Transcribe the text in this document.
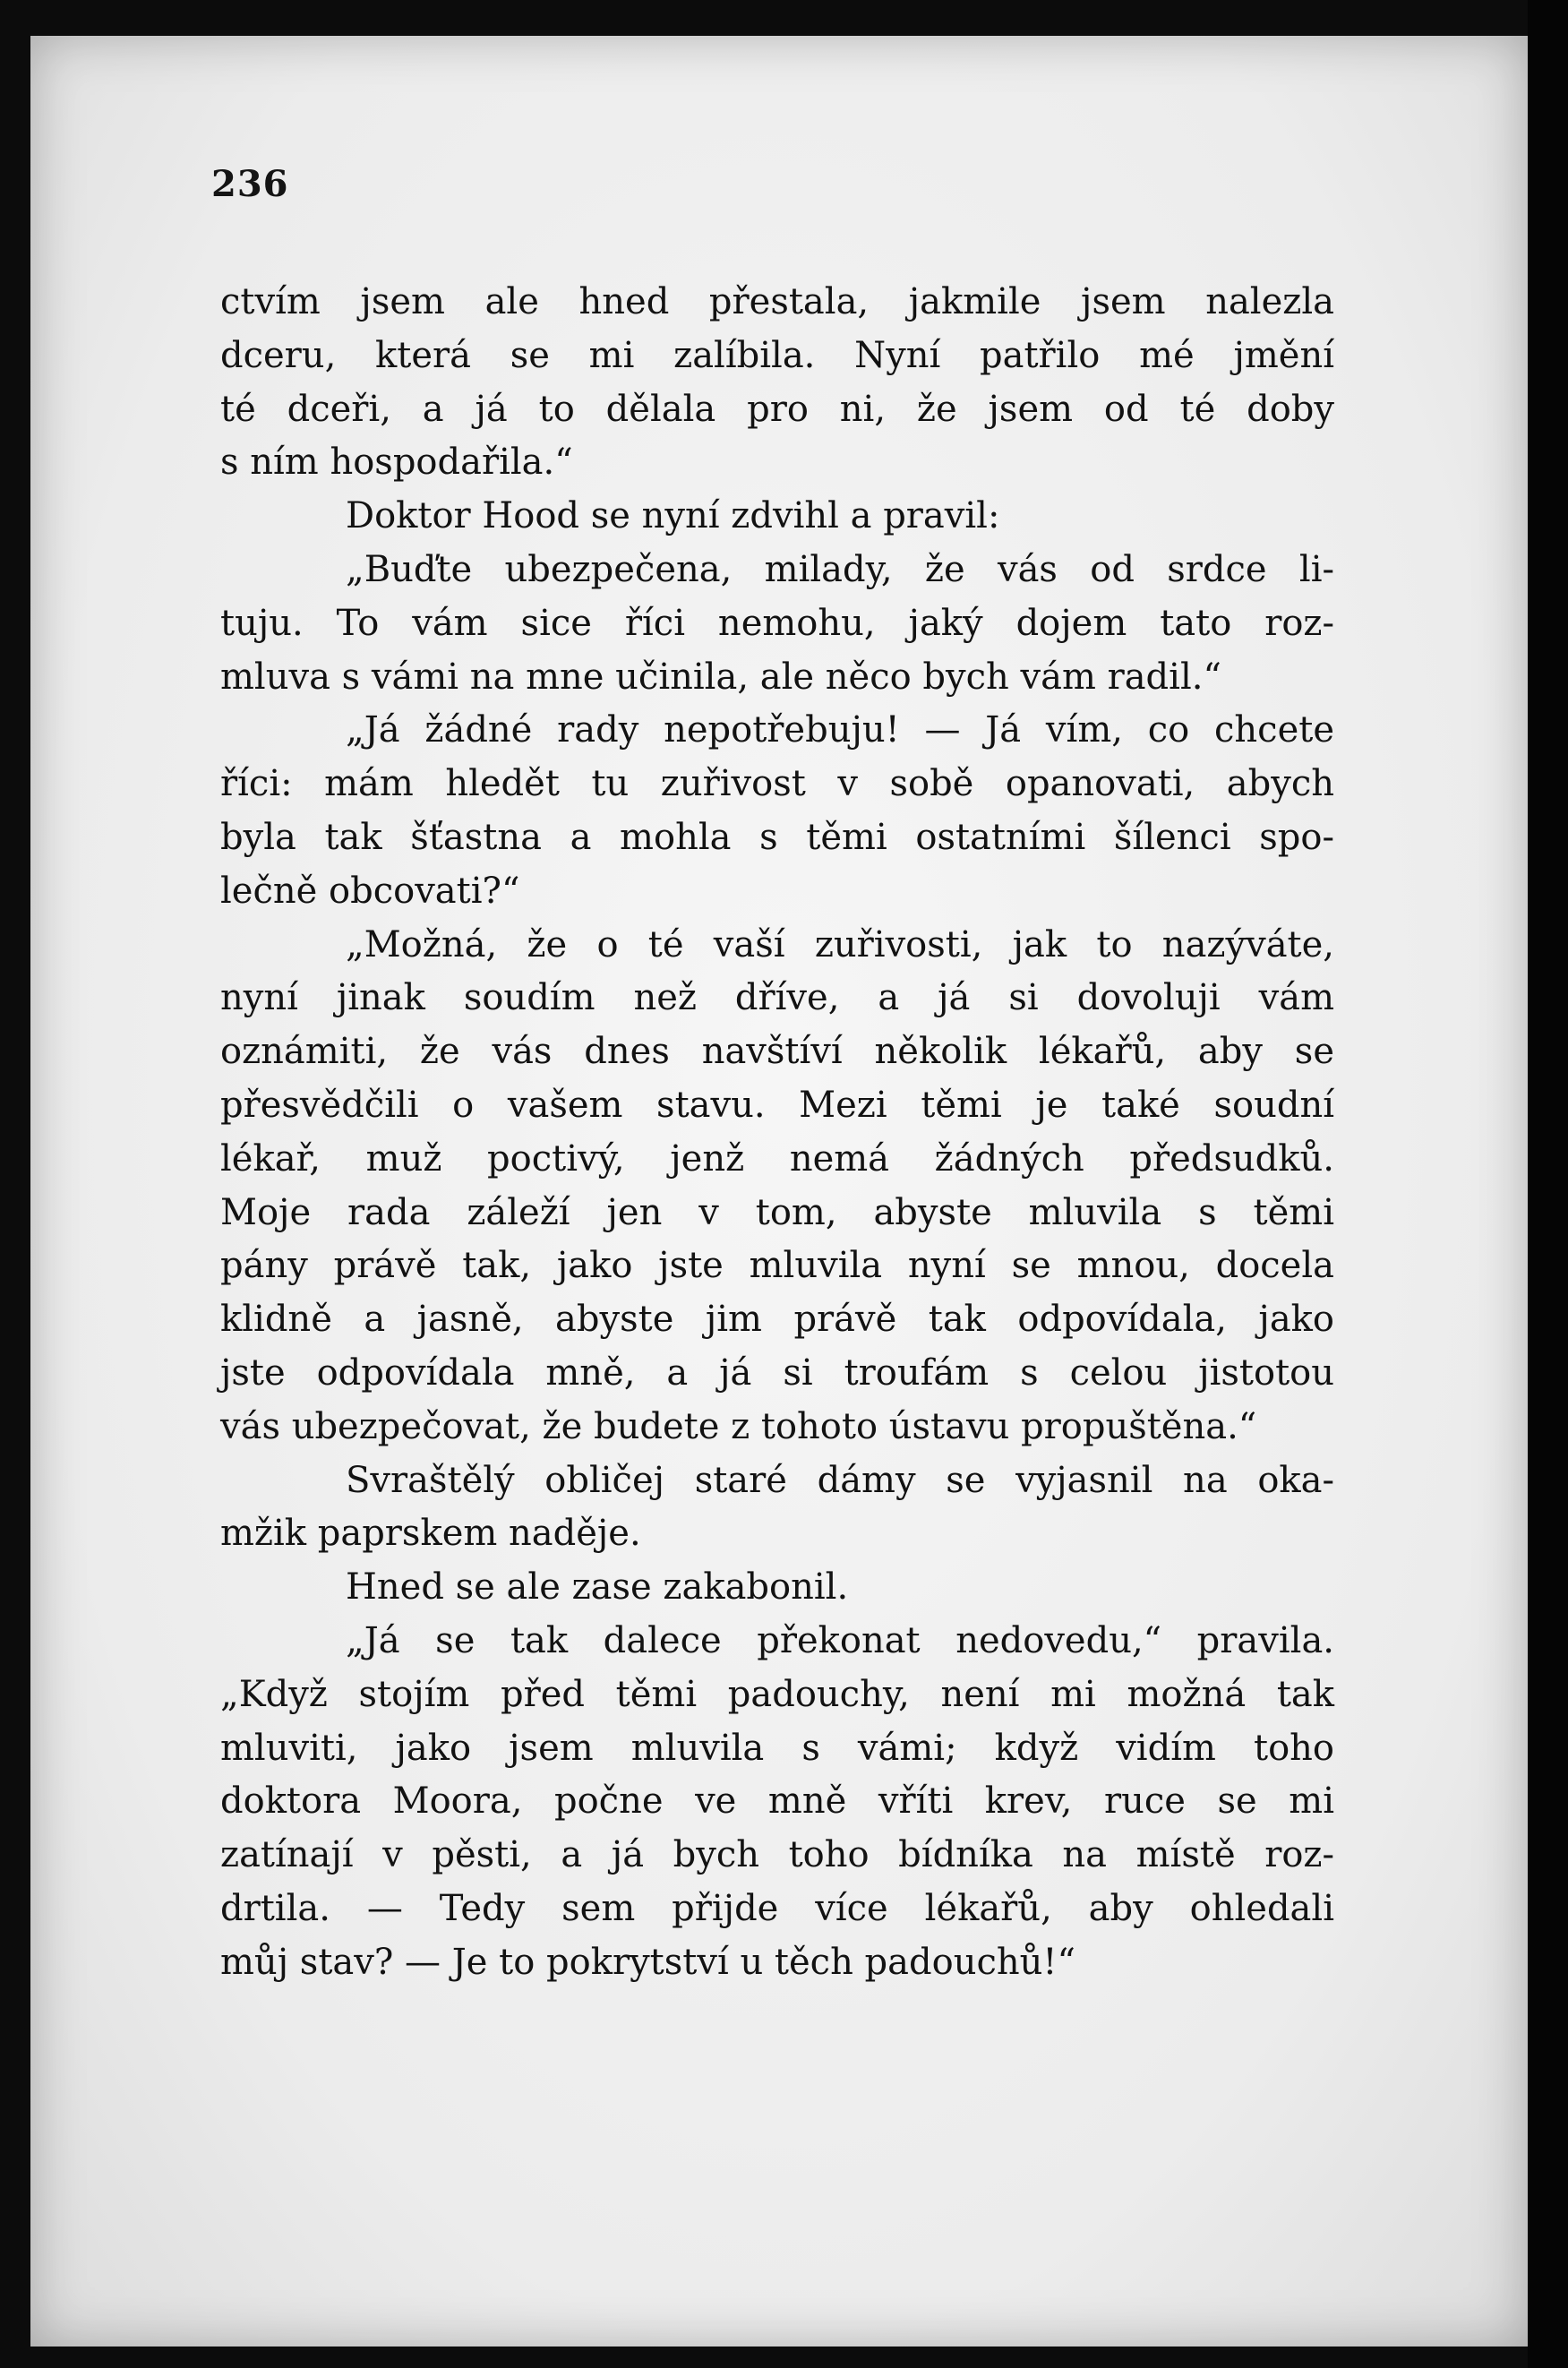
236
ctvím jsem ale hned přestala, jakmile jsem nalezla
dceru, která se mi zalíbila. Nyní patřilo mé jmění
té dceři, a já to dělala pro ni, že jsem od té doby
s ním hospodařila.“
Doktor Hood se nyní zdvihl a pravil:
„Buďte ubezpečena, milady, že vás od srdce li-
tuju. To vám sice říci nemohu, jaký dojem tato roz-
mluva s vámi na mne učinila, ale něco bych vám radil.“
„Já žádné rady nepotřebuju! — Já vím, co chcete
říci: mám hledět tu zuřivost v sobě opanovati, abych
byla tak šťastna a mohla s těmi ostatními šílenci spo-
lečně obcovati?“
„Možná, že o té vaší zuřivosti, jak to nazýváte,
nyní jinak soudím než dříve, a já si dovoluji vám
oznámiti, že vás dnes navštíví několik lékařů, aby se
přesvědčili o vašem stavu. Mezi těmi je také soudní
lékař, muž poctivý, jenž nemá žádných předsudků.
Moje rada záleží jen v tom, abyste mluvila s těmi
pány právě tak, jako jste mluvila nyní se mnou, docela
klidně a jasně, abyste jim právě tak odpovídala, jako
jste odpovídala mně, a já si troufám s celou jistotou
vás ubezpečovat, že budete z tohoto ústavu propuštěna.“
Svraštělý obličej staré dámy se vyjasnil na oka-
mžik paprskem naděje.
Hned se ale zase zakabonil.
„Já se tak dalece překonat nedovedu,“ pravila.
„Když stojím před těmi padouchy, není mi možná tak
mluviti, jako jsem mluvila s vámi; když vidím toho
doktora Moora, počne ve mně vříti krev, ruce se mi
zatínají v pěsti, a já bych toho bídníka na místě roz-
drtila. — Tedy sem přijde více lékařů, aby ohledali
můj stav? — Je to pokrytství u těch padouchů!“
